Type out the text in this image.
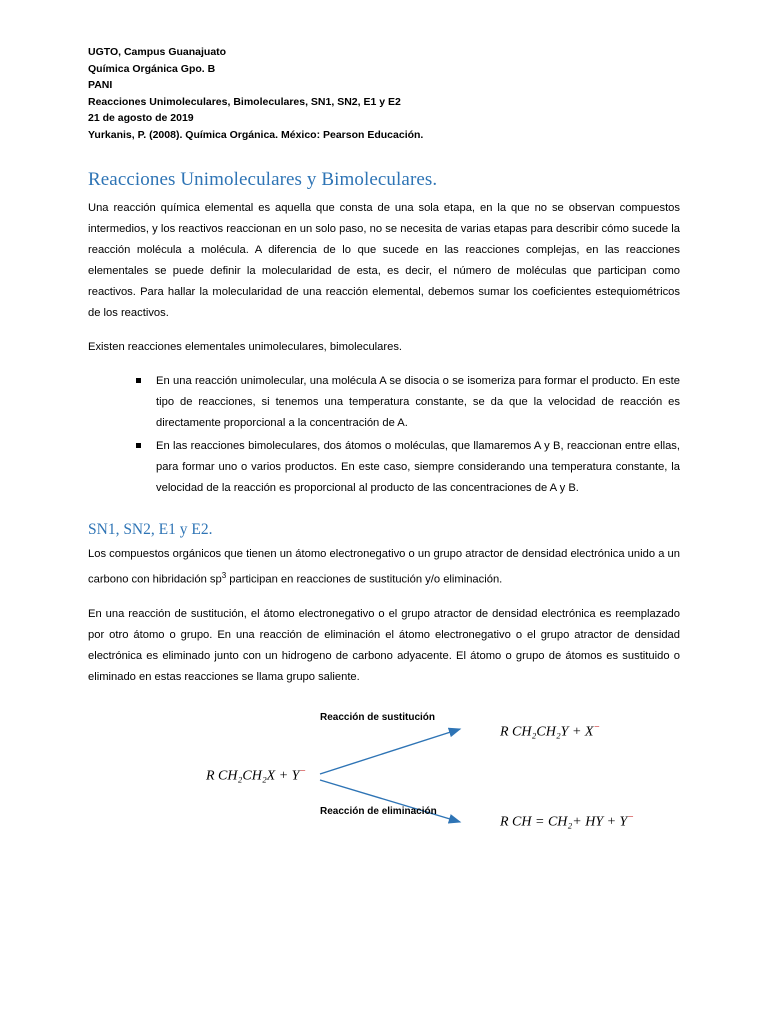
UGTO, Campus Guanajuato
Química Orgánica Gpo. B
PANI
Reacciones Unimoleculares, Bimoleculares, SN1, SN2, E1 y E2
21 de agosto de 2019
Yurkanis, P. (2008). Química Orgánica. México: Pearson Educación.
Reacciones Unimoleculares y Bimoleculares.

Una reacción química elemental es aquella que consta de una sola etapa, en la que no se observan compuestos intermedios, y los reactivos reaccionan en un solo paso, no se necesita de varias etapas para describir cómo sucede la reacción molécula a molécula. A diferencia de lo que sucede en las reacciones complejas, en las reacciones elementales se puede definir la molecularidad de esta, es decir, el número de moléculas que participan como reactivos. Para hallar la molecularidad de una reacción elemental, debemos sumar los coeficientes estequiométricos de los reactivos.

Existen reacciones elementales unimoleculares, bimoleculares.

En una reacción unimolecular, una molécula A se disocia o se isomeriza para formar el producto. En este tipo de reacciones, si tenemos una temperatura constante, se da que la velocidad de reacción es directamente proporcional a la concentración de A.
En las reacciones bimoleculares, dos átomos o moléculas, que llamaremos A y B, reaccionan entre ellas, para formar uno o varios productos. En este caso, siempre considerando una temperatura constante, la velocidad de la reacción es proporcional al producto de las concentraciones de A y B.
SN1, SN2, E1 y E2.

Los compuestos orgánicos que tienen un átomo electronegativo o un grupo atractor de densidad electrónica unido a un carbono con hibridación $sp^3$ participan en reacciones de sustitución y/o eliminación.

En una reacción de sustitución, el átomo electronegativo o el grupo atractor de densidad electrónica es reemplazado por otro átomo o grupo. En una reacción de eliminación el átomo electronegativo o el grupo atractor de densidad electrónica es eliminado junto con un hidrogeno de carbono adyacente. El átomo o grupo de átomos es sustituido o eliminado en estas reacciones se llama grupo saliente.

R CH₂CH₂X + Y−
Reacción de sustitución
Reacción de eliminación
R CH₂CH₂Y + X−
R CH = CH₂+ HY + Y−
